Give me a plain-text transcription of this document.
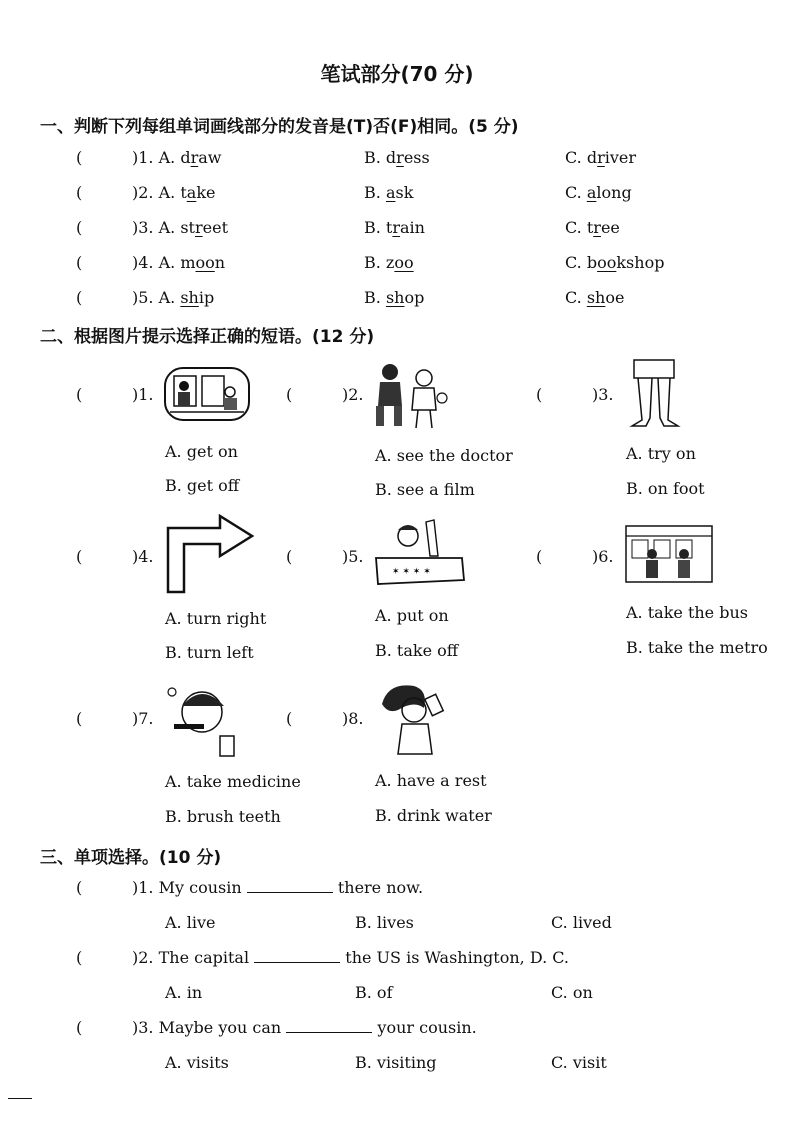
笔试部分(70 分)
一、判断下列每组单词画线部分的发音是(T)否(F)相同。(5 分)
(	)1. A. draw	B. dress	C. driver
(	)2. A. take	B. ask	C. along
(	)3. A. street	B. train	C. tree
(	)4. A. moon	B. zoo	C. bookshop
(	)5. A. ship	B. shop	C. shoe
二、根据图片提示选择正确的短语。(12 分)
(	)1.
A. get on
B. get off
(	)2.
A. see the doctor
B. see a film
(	)3.
A. try on
B. on foot
(	)4.
A. turn right
B. turn left
(	)5.
✶ ✶ ✶ ✶
A. put on
B. take off
(	)6.
A. take the bus
B. take the metro
(	)7.
A. take medicine
B. brush teeth
(	)8.
A. have a rest
B. drink water
三、单项选择。(10 分)
(	)1. My cousin	there now.
A. live	B. lives	C. lived
(	)2. The capital	the US is Washington, D. C.
A. in	B. of	C. on
(	)3. Maybe you can	your cousin.
A. visits	B. visiting	C. visit
